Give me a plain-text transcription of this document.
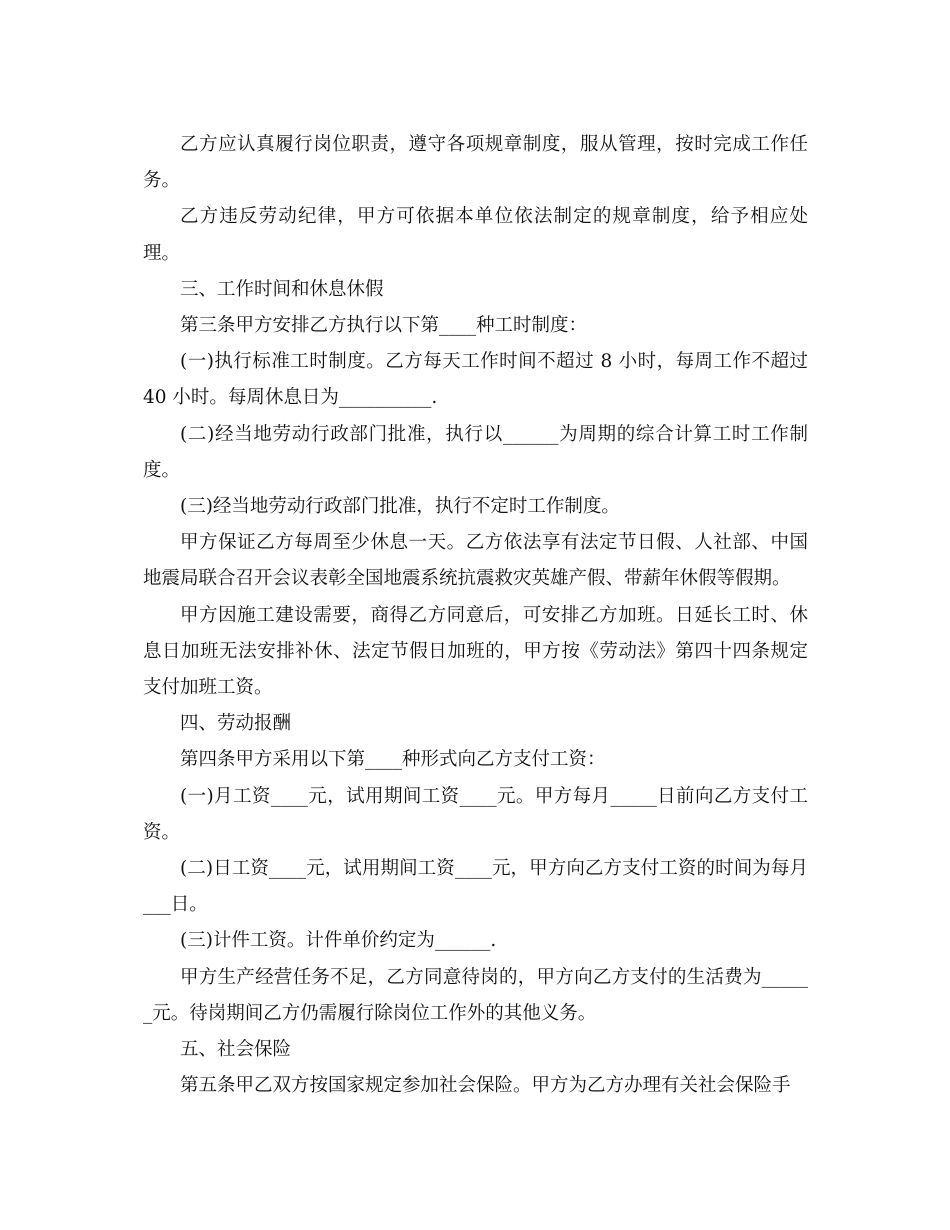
乙方应认真履行岗位职责，遵守各项规章制度，服从管理，按时完成工作任务。

乙方违反劳动纪律，甲方可依据本单位依法制定的规章制度，给予相应处理。

三、工作时间和休息休假

第三条甲方安排乙方执行以下第____种工时制度：

(一)执行标准工时制度。乙方每天工作时间不超过 8 小时，每周工作不超过 40 小时。每周休息日为__________.

(二)经当地劳动行政部门批准，执行以______为周期的综合计算工时工作制度。

(三)经当地劳动行政部门批准，执行不定时工作制度。

甲方保证乙方每周至少休息一天。乙方依法享有法定节日假、人社部、中国地震局联合召开会议表彰全国地震系统抗震救灾英雄产假、带薪年休假等假期。

甲方因施工建设需要，商得乙方同意后，可安排乙方加班。日延长工时、休息日加班无法安排补休、法定节假日加班的，甲方按《劳动法》第四十四条规定支付加班工资。

四、劳动报酬

第四条甲方采用以下第____种形式向乙方支付工资：

(一)月工资____元，试用期间工资____元。甲方每月_____日前向乙方支付工资。

(二)日工资____元，试用期间工资____元，甲方向乙方支付工资的时间为每月___日。

(三)计件工资。计件单价约定为______.

甲方生产经营任务不足，乙方同意待岗的，甲方向乙方支付的生活费为______元。待岗期间乙方仍需履行除岗位工作外的其他义务。

五、社会保险

第五条甲乙双方按国家规定参加社会保险。甲方为乙方办理有关社会保险手
